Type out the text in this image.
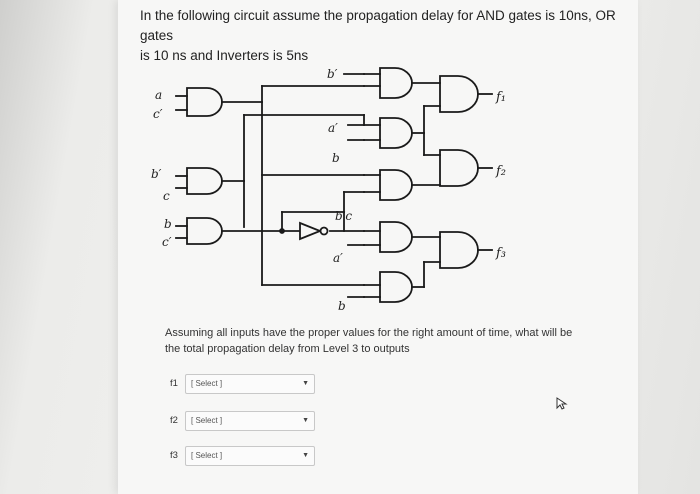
In the following circuit assume the propagation delay for AND gates is 10ns, OR gates
is 10 ns and Inverters is 5ns

a
c′
b′
c
b
c′
b′
a′
b
a′
b
b′c
f₁
f₂
f₃

Assuming all inputs have the proper values for the right amount of time, what will be
the total propagation delay from Level 3 to outputs

f1 [ Select ]	▼
f2 [ Select ]	▼
f3 [ Select ]	▼
